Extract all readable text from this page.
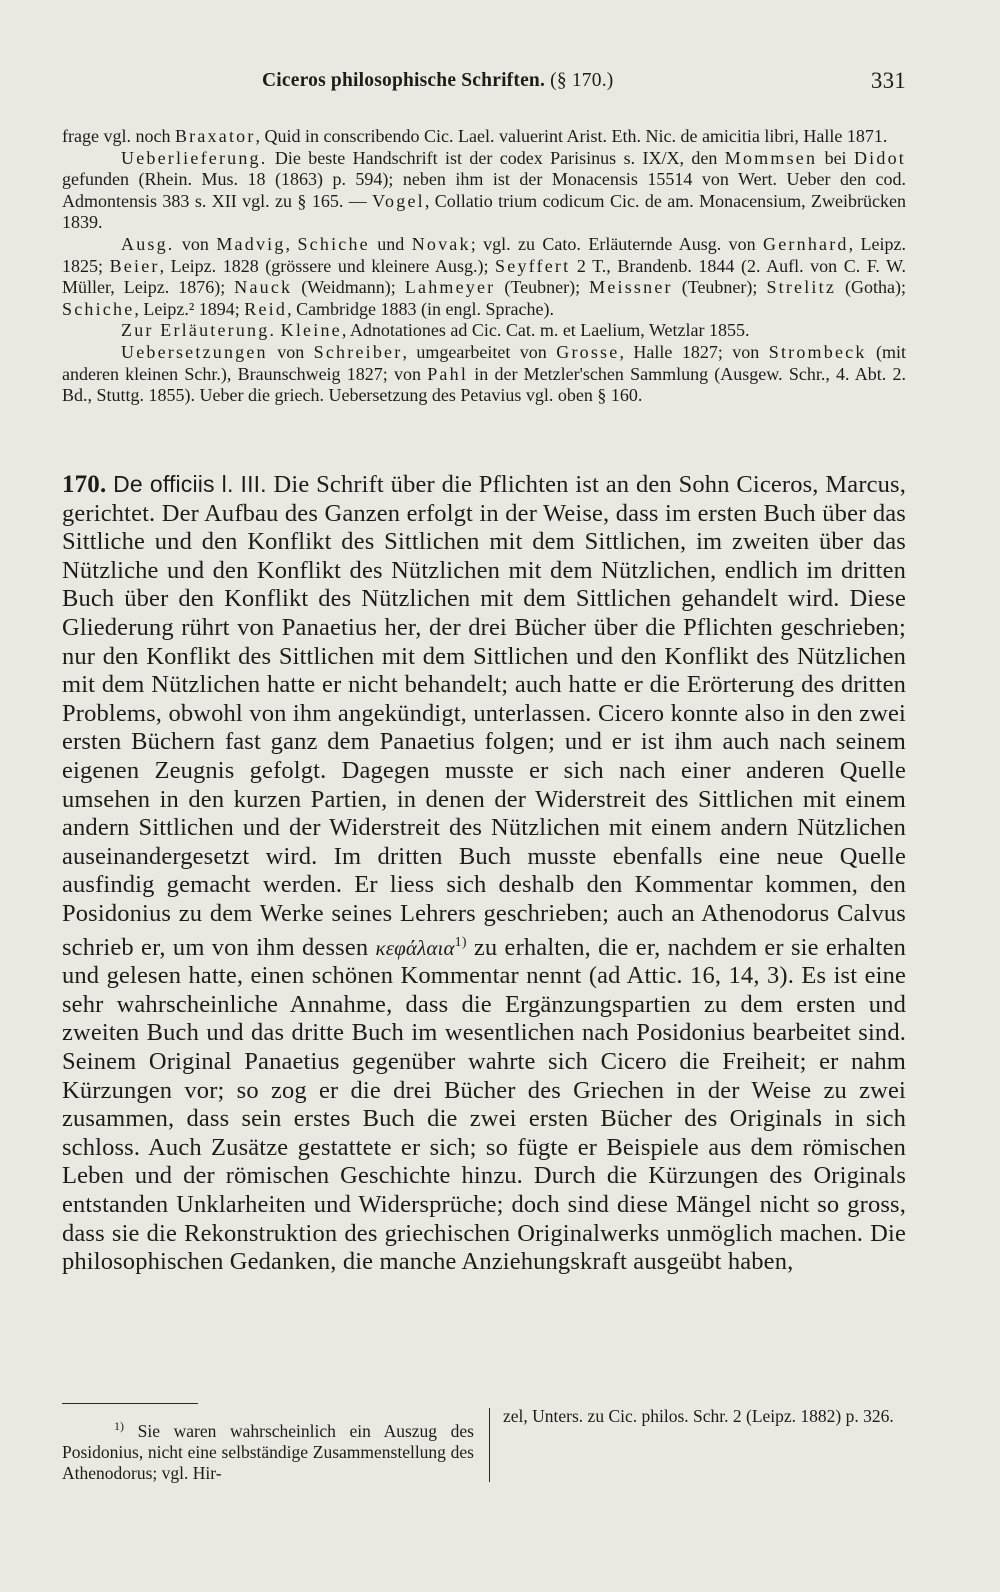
Ciceros philosophische Schriften. (§ 170.)	331

frage vgl. noch Braxator, Quid in conscribendo Cic. Lael. valuerint Arist. Eth. Nic. de amicitia libri, Halle 1871.

Ueberlieferung. Die beste Handschrift ist der codex Parisinus s. IX/X, den Mommsen bei Didot gefunden (Rhein. Mus. 18 (1863) p. 594); neben ihm ist der Monacensis 15514 von Wert. Ueber den cod. Admontensis 383 s. XII vgl. zu § 165. — Vogel, Collatio trium codicum Cic. de am. Monacensium, Zweibrücken 1839.

Ausg. von Madvig, Schiche und Novak; vgl. zu Cato. Erläuternde Ausg. von Gernhard, Leipz. 1825; Beier, Leipz. 1828 (grössere und kleinere Ausg.); Seyffert 2 T., Brandenb. 1844 (2. Aufl. von C. F. W. Müller, Leipz. 1876); Nauck (Weidmann); Lahmeyer (Teubner); Meissner (Teubner); Strelitz (Gotha); Schiche, Leipz.² 1894; Reid, Cambridge 1883 (in engl. Sprache).

Zur Erläuterung. Kleine, Adnotationes ad Cic. Cat. m. et Laelium, Wetzlar 1855.

Uebersetzungen von Schreiber, umgearbeitet von Grosse, Halle 1827; von Strombeck (mit anderen kleinen Schr.), Braunschweig 1827; von Pahl in der Metzler'schen Sammlung (Ausgew. Schr., 4. Abt. 2. Bd., Stuttg. 1855). Ueber die griech. Uebersetzung des Petavius vgl. oben § 160.

170. De officiis l. III. Die Schrift über die Pflichten ist an den Sohn Ciceros, Marcus, gerichtet. Der Aufbau des Ganzen erfolgt in der Weise, dass im ersten Buch über das Sittliche und den Konflikt des Sittlichen mit dem Sittlichen, im zweiten über das Nützliche und den Konflikt des Nützlichen mit dem Nützlichen, endlich im dritten Buch über den Konflikt des Nützlichen mit dem Sittlichen gehandelt wird. Diese Gliederung rührt von Panaetius her, der drei Bücher über die Pflichten geschrieben; nur den Konflikt des Sittlichen mit dem Sittlichen und den Konflikt des Nützlichen mit dem Nützlichen hatte er nicht behandelt; auch hatte er die Erörterung des dritten Problems, obwohl von ihm angekündigt, unterlassen. Cicero konnte also in den zwei ersten Büchern fast ganz dem Panaetius folgen; und er ist ihm auch nach seinem eigenen Zeugnis gefolgt. Dagegen musste er sich nach einer anderen Quelle umsehen in den kurzen Partien, in denen der Widerstreit des Sittlichen mit einem andern Sittlichen und der Widerstreit des Nützlichen mit einem andern Nützlichen auseinandergesetzt wird. Im dritten Buch musste ebenfalls eine neue Quelle ausfindig gemacht werden. Er liess sich deshalb den Kommentar kommen, den Posidonius zu dem Werke seines Lehrers geschrieben; auch an Athenodorus Calvus schrieb er, um von ihm dessen κεφάλαια$^{1)}$ zu erhalten, die er, nachdem er sie erhalten und gelesen hatte, einen schönen Kommentar nennt (ad Attic. 16, 14, 3). Es ist eine sehr wahrscheinliche Annahme, dass die Ergänzungspartien zu dem ersten und zweiten Buch und das dritte Buch im wesentlichen nach Posidonius bearbeitet sind. Seinem Original Panaetius gegenüber wahrte sich Cicero die Freiheit; er nahm Kürzungen vor; so zog er die drei Bücher des Griechen in der Weise zu zwei zusammen, dass sein erstes Buch die zwei ersten Bücher des Originals in sich schloss. Auch Zusätze gestattete er sich; so fügte er Beispiele aus dem römischen Leben und der römischen Geschichte hinzu. Durch die Kürzungen des Originals entstanden Unklarheiten und Widersprüche; doch sind diese Mängel nicht so gross, dass sie die Rekonstruktion des griechischen Originalwerks unmöglich machen. Die philosophischen Gedanken, die manche Anziehungskraft ausgeübt haben,

$^{1)}$ Sie waren wahrscheinlich ein Auszug des Posidonius, nicht eine selbständige Zusammenstellung des Athenodorus; vgl. Hir-

zel, Unters. zu Cic. philos. Schr. 2 (Leipz. 1882) p. 326.
